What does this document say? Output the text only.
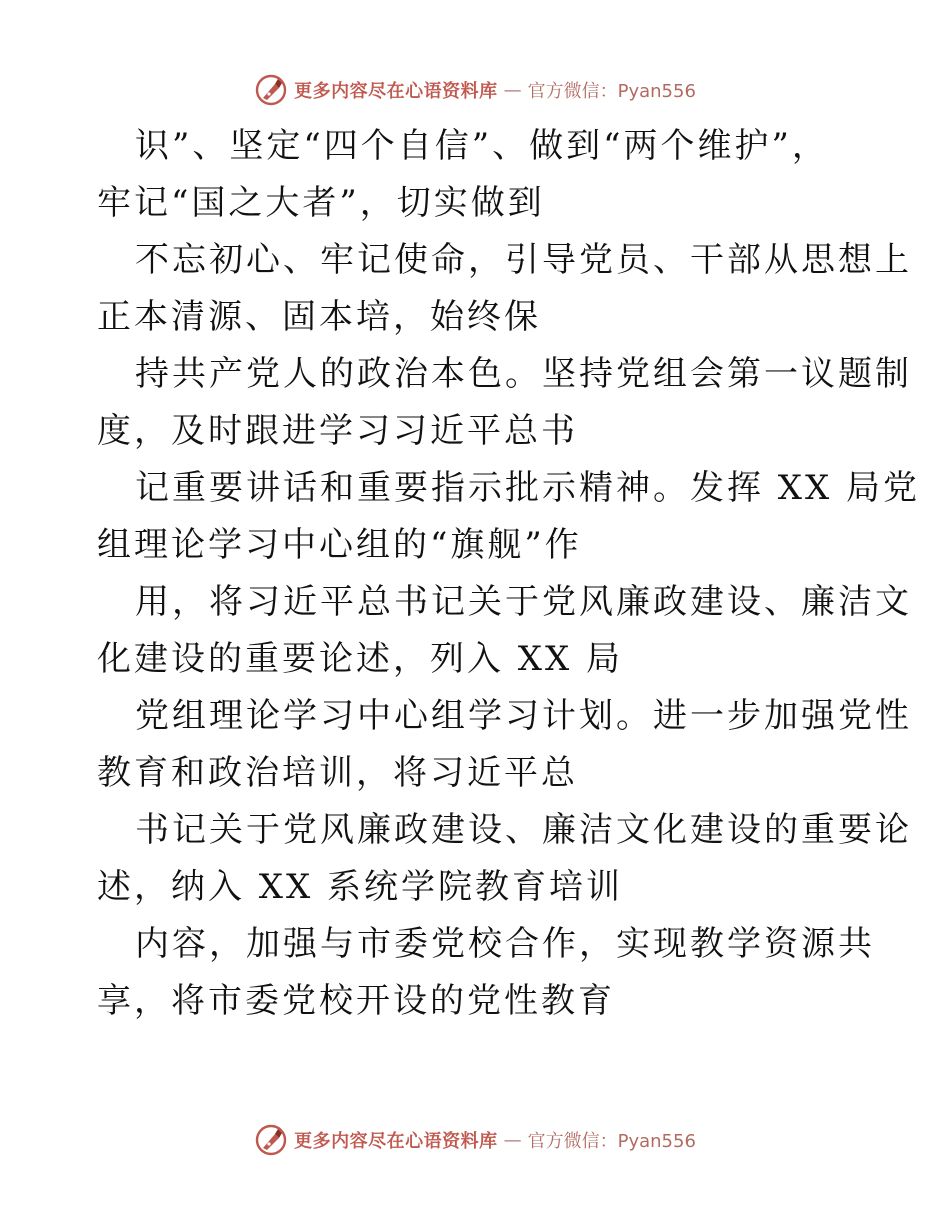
更多内容尽在心语资料库 — 官方微信：Pyan556
识”、坚定“四个自信”、做到“两个维护”，
牢记“国之大者”，切实做到
不忘初心、牢记使命，引导党员、干部从思想上
正本清源、固本培，始终保
持共产党人的政治本色。坚持党组会第一议题制
度，及时跟进学习习近平总书
记重要讲话和重要指示批示精神。发挥 XX 局党
组理论学习中心组的“旗舰”作
用，将习近平总书记关于党风廉政建设、廉洁文
化建设的重要论述，列入 XX 局
党组理论学习中心组学习计划。进一步加强党性
教育和政治培训，将习近平总
书记关于党风廉政建设、廉洁文化建设的重要论
述，纳入 XX 系统学院教育培训
内容，加强与市委党校合作，实现教学资源共
享，将市委党校开设的党性教育
更多内容尽在心语资料库 — 官方微信：Pyan556
